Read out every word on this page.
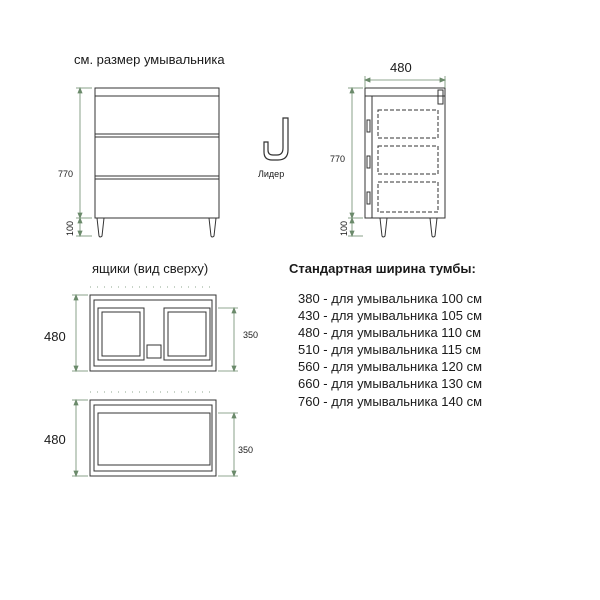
см. размер умывальника
480
770
100
770
100
Лидер
ящики (вид сверху)
480	350
480
350
Стандартная ширина тумбы:
380 - для умывальника 100 см
430 - для умывальника 105 см
480 - для умывальника 110 см
510 - для умывальника 115 см
560 - для умывальника 120 см
660 - для умывальника 130 см
760 - для умывальника 140 см
